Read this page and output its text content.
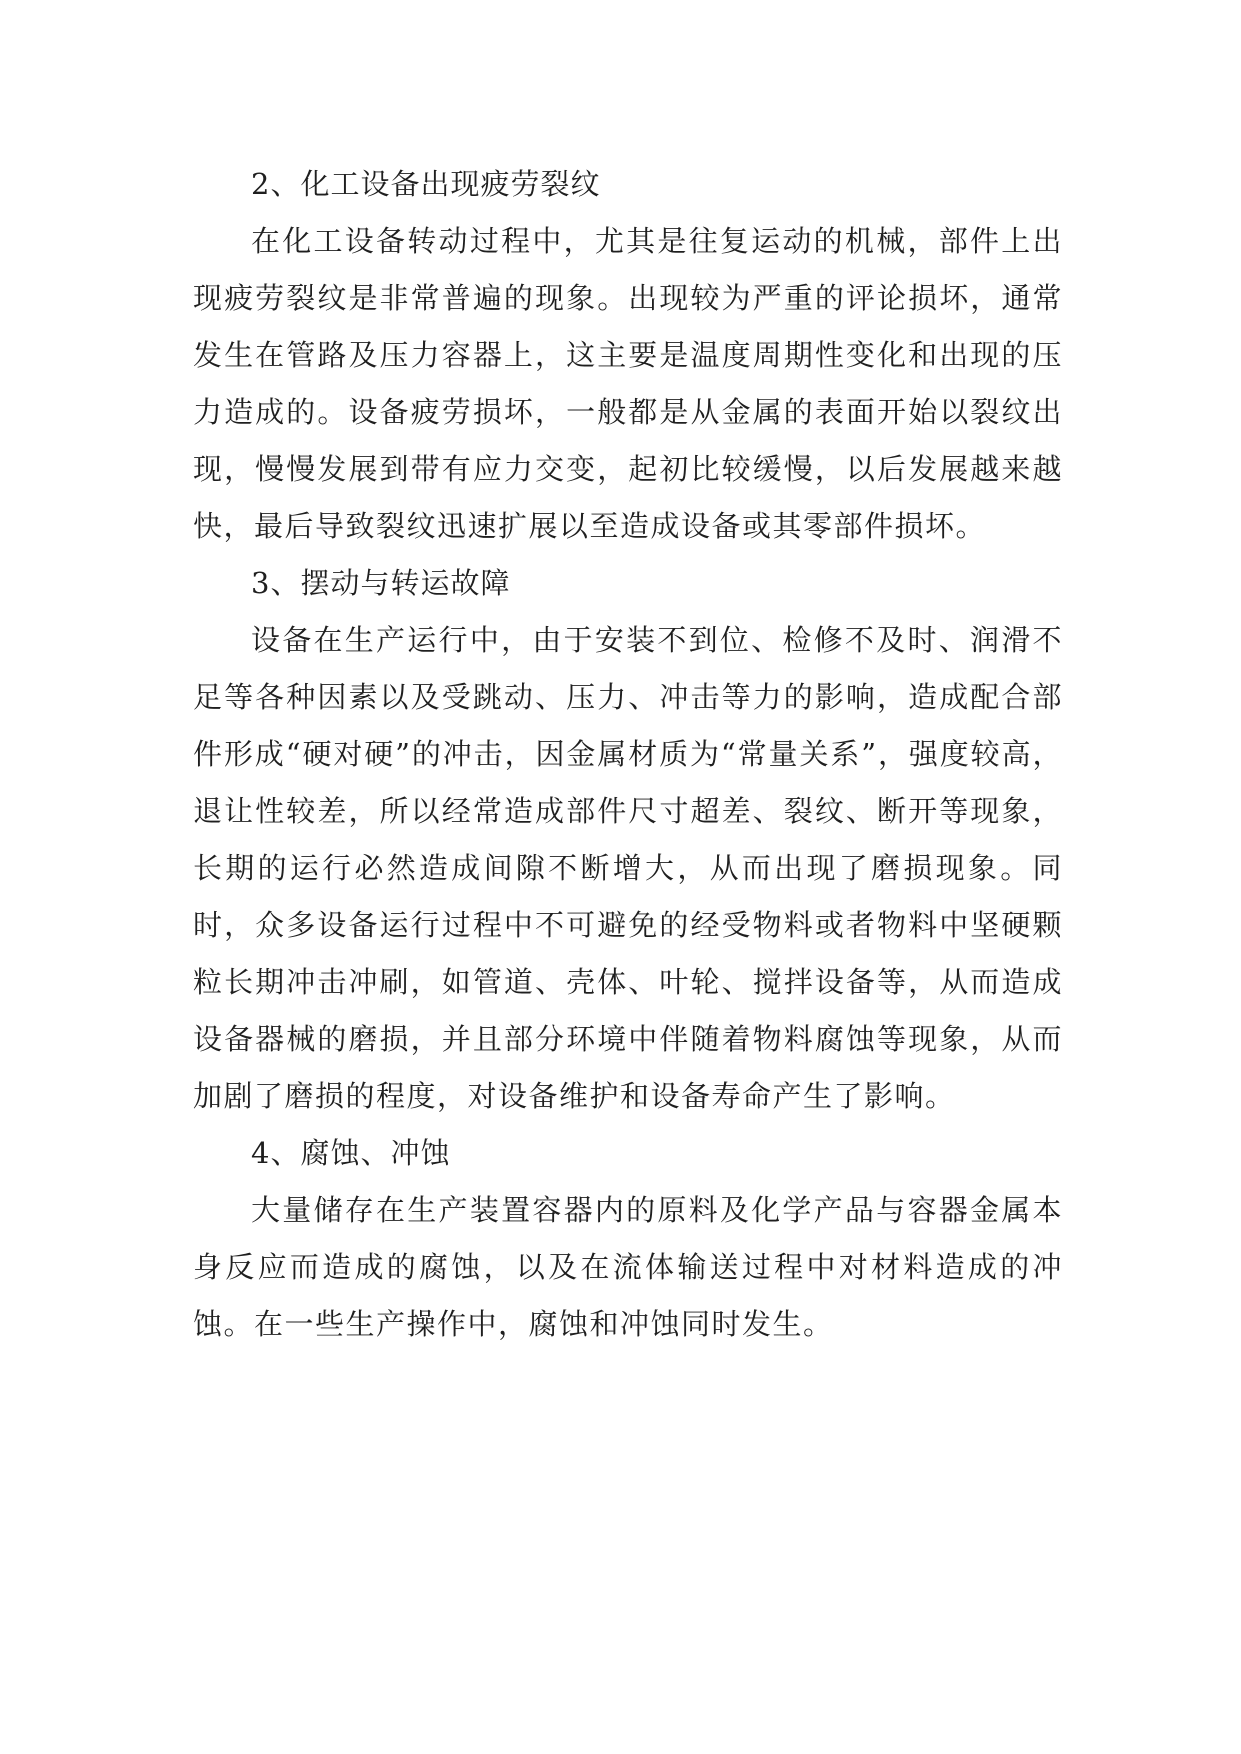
2、化工设备出现疲劳裂纹

在化工设备转动过程中，尤其是往复运动的机械，部件上出现疲劳裂纹是非常普遍的现象。出现较为严重的评论损坏，通常发生在管路及压力容器上，这主要是温度周期性变化和出现的压力造成的。设备疲劳损坏，一般都是从金属的表面开始以裂纹出现，慢慢发展到带有应力交变，起初比较缓慢，以后发展越来越快，最后导致裂纹迅速扩展以至造成设备或其零部件损坏。

3、摆动与转运故障

设备在生产运行中，由于安装不到位、检修不及时、润滑不足等各种因素以及受跳动、压力、冲击等力的影响，造成配合部件形成“硬对硬”的冲击，因金属材质为“常量关系”，强度较高，退让性较差，所以经常造成部件尺寸超差、裂纹、断开等现象，长期的运行必然造成间隙不断增大，从而出现了磨损现象。同时，众多设备运行过程中不可避免的经受物料或者物料中坚硬颗粒长期冲击冲刷，如管道、壳体、叶轮、搅拌设备等，从而造成设备器械的磨损，并且部分环境中伴随着物料腐蚀等现象，从而加剧了磨损的程度，对设备维护和设备寿命产生了影响。

4、腐蚀、冲蚀

大量储存在生产装置容器内的原料及化学产品与容器金属本身反应而造成的腐蚀，以及在流体输送过程中对材料造成的冲蚀。在一些生产操作中，腐蚀和冲蚀同时发生。
